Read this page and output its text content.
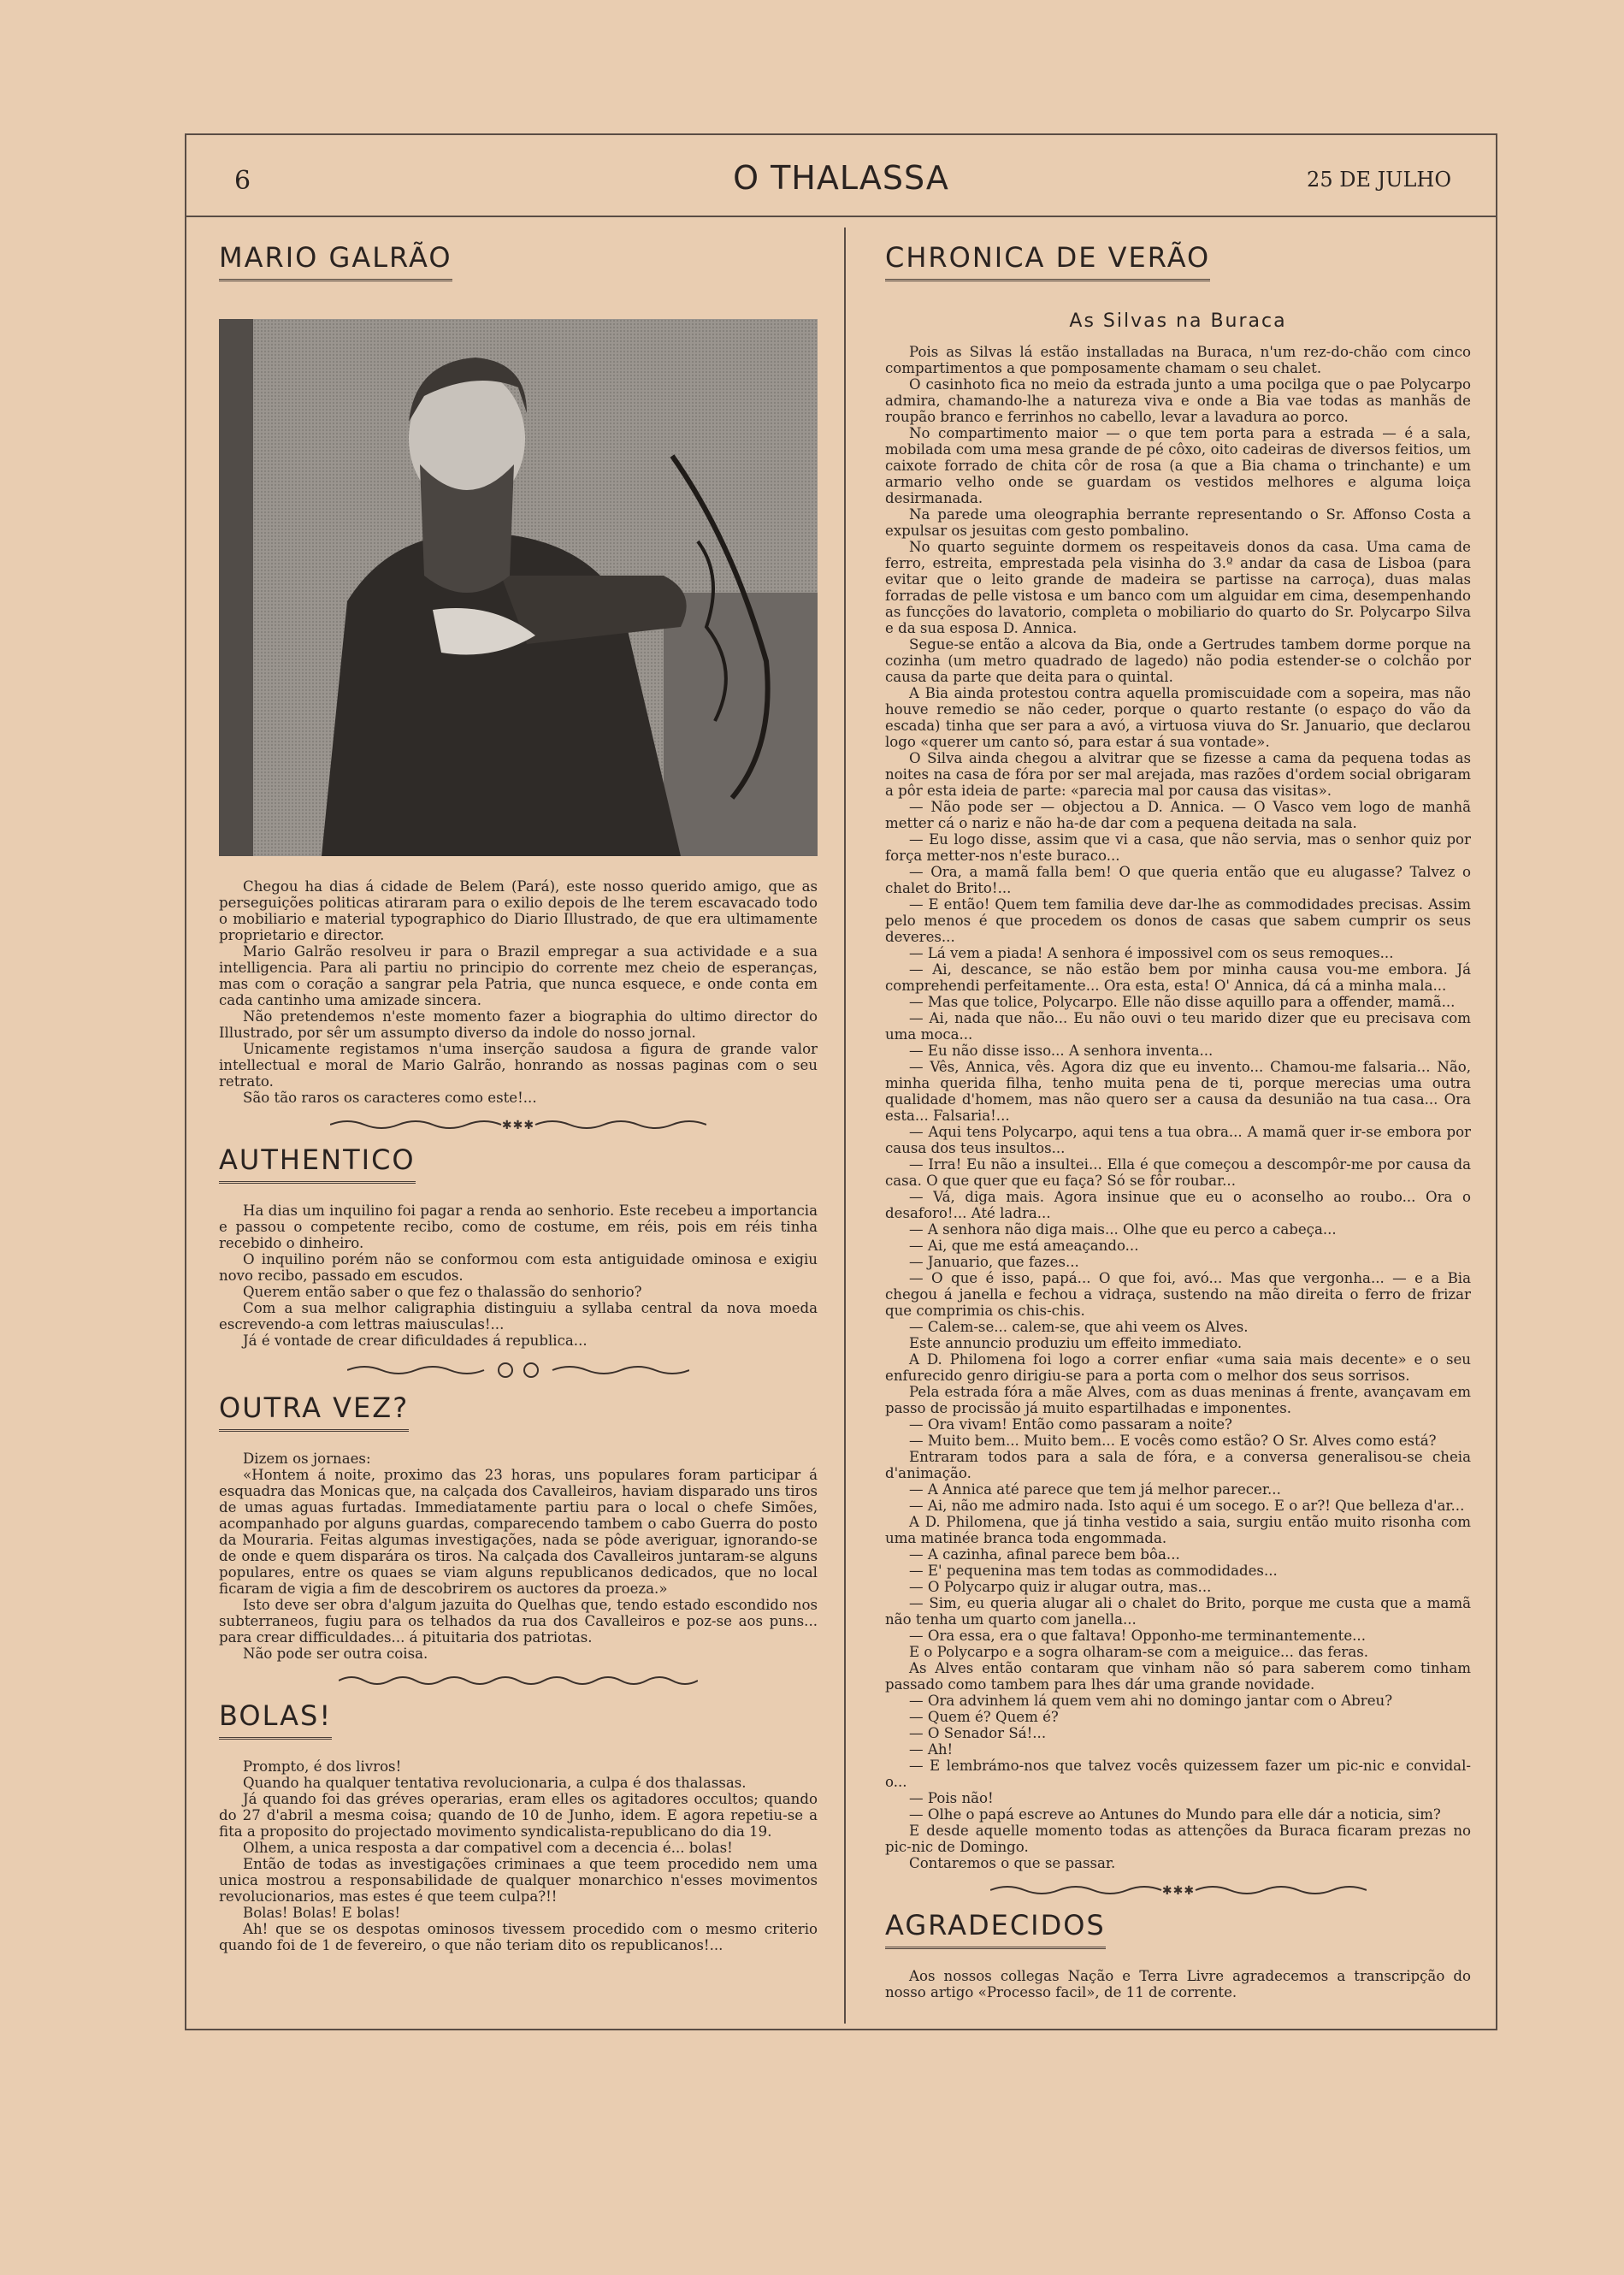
6	O THALASSA	25 DE JULHO
MARIO GALRÃO

Chegou ha dias á cidade de Belem (Pará), este nosso querido amigo, que as perseguições politicas atiraram para o exilio depois de lhe terem escavacado todo o mobiliario e material typographico do Diario Illustrado, de que era ultimamente proprietario e director.

Mario Galrão resolveu ir para o Brazil empregar a sua actividade e a sua intelligencia. Para ali partiu no principio do corrente mez cheio de esperanças, mas com o coração a sangrar pela Patria, que nunca esquece, e onde conta em cada cantinho uma amizade sincera.

Não pretendemos n'este momento fazer a biographia do ultimo director do Illustrado, por sêr um assumpto diverso da indole do nosso jornal.

Unicamente registamos n'uma inserção saudosa a figura de grande valor intellectual e moral de Mario Galrão, honrando as nossas paginas com o seu retrato.

São tão raros os caracteres como este!...

✱✱✱
AUTHENTICO

Ha dias um inquilino foi pagar a renda ao senhorio. Este recebeu a importancia e passou o competente recibo, como de costume, em réis, pois em réis tinha recebido o dinheiro.

O inquilino porém não se conformou com esta antiguidade ominosa e exigiu novo recibo, passado em escudos.

Querem então saber o que fez o thalassão do senhorio?

Com a sua melhor caligraphia distinguiu a syllaba central da nova moeda escrevendo-a com lettras maiusculas!...

Já é vontade de crear dificuldades á republica...

OUTRA VEZ?

Dizem os jornaes:

«Hontem á noite, proximo das 23 horas, uns populares foram participar á esquadra das Monicas que, na calçada dos Cavalleiros, haviam disparado uns tiros de umas aguas furtadas. Immediatamente partiu para o local o chefe Simões, acompanhado por alguns guardas, comparecendo tambem o cabo Guerra do posto da Mouraria. Feitas algumas investigações, nada se pôde averiguar, ignorando-se de onde e quem disparára os tiros. Na calçada dos Cavalleiros juntaram-se alguns populares, entre os quaes se viam alguns republicanos dedicados, que no local ficaram de vigia a fim de descobrirem os auctores da proeza.»

Isto deve ser obra d'algum jazuita do Quelhas que, tendo estado escondido nos subterraneos, fugiu para os telhados da rua dos Cavalleiros e poz-se aos puns... para crear difficuldades... á pituitaria dos patriotas.

Não pode ser outra coisa.

BOLAS!

Prompto, é dos livros!

Quando ha qualquer tentativa revolucionaria, a culpa é dos thalassas.

Já quando foi das gréves operarias, eram elles os agitadores occultos; quando do 27 d'abril a mesma coisa; quando de 10 de Junho, idem. E agora repetiu-se a fita a proposito do projectado movimento syndicalista-republicano do dia 19.

Olhem, a unica resposta a dar compativel com a decencia é... bolas!

Então de todas as investigações criminaes a que teem procedido nem uma unica mostrou a responsabilidade de qualquer monarchico n'esses movimentos revolucionarios, mas estes é que teem culpa?!!

Bolas! Bolas! E bolas!

Ah! que se os despotas ominosos tivessem procedido com o mesmo criterio quando foi de 1 de fevereiro, o que não teriam dito os republicanos!...

CHRONICA DE VERÃO
As Silvas na Buraca

Pois as Silvas lá estão installadas na Buraca, n'um rez-do-chão com cinco compartimentos a que pomposamente chamam o seu chalet.

O casinhoto fica no meio da estrada junto a uma pocilga que o pae Polycarpo admira, chamando-lhe a natureza viva e onde a Bia vae todas as manhãs de roupão branco e ferrinhos no cabello, levar a lavadura ao porco.

No compartimento maior — o que tem porta para a estrada — é a sala, mobilada com uma mesa grande de pé côxo, oito cadeiras de diversos feitios, um caixote forrado de chita côr de rosa (a que a Bia chama o trinchante) e um armario velho onde se guardam os vestidos melhores e alguma loiça desirmanada.

Na parede uma oleographia berrante representando o Sr. Affonso Costa a expulsar os jesuitas com gesto pombalino.

No quarto seguinte dormem os respeitaveis donos da casa. Uma cama de ferro, estreita, emprestada pela visinha do 3.º andar da casa de Lisboa (para evitar que o leito grande de madeira se partisse na carroça), duas malas forradas de pelle vistosa e um banco com um alguidar em cima, desempenhando as funcções do lavatorio, completa o mobiliario do quarto do Sr. Polycarpo Silva e da sua esposa D. Annica.

Segue-se então a alcova da Bia, onde a Gertrudes tambem dorme porque na cozinha (um metro quadrado de lagedo) não podia estender-se o colchão por causa da parte que deita para o quintal.

A Bia ainda protestou contra aquella promiscuidade com a sopeira, mas não houve remedio se não ceder, porque o quarto restante (o espaço do vão da escada) tinha que ser para a avó, a virtuosa viuva do Sr. Januario, que declarou logo «querer um canto só, para estar á sua vontade».

O Silva ainda chegou a alvitrar que se fizesse a cama da pequena todas as noites na casa de fóra por ser mal arejada, mas razões d'ordem social obrigaram a pôr esta ideia de parte: «parecia mal por causa das visitas».

— Não pode ser — objectou a D. Annica. — O Vasco vem logo de manhã metter cá o nariz e não ha-de dar com a pequena deitada na sala.

— Eu logo disse, assim que vi a casa, que não servia, mas o senhor quiz por força metter-nos n'este buraco...

— Ora, a mamã falla bem! O que queria então que eu alugasse? Talvez o chalet do Brito!...

— E então! Quem tem familia deve dar-lhe as commodidades precisas. Assim pelo menos é que procedem os donos de casas que sabem cumprir os seus deveres...

— Lá vem a piada! A senhora é impossivel com os seus remoques...

— Ai, descance, se não estão bem por minha causa vou-me embora. Já comprehendi perfeitamente... Ora esta, esta! O' Annica, dá cá a minha mala...

— Mas que tolice, Polycarpo. Elle não disse aquillo para a offender, mamã...

— Ai, nada que não... Eu não ouvi o teu marido dizer que eu precisava com uma moca...

— Eu não disse isso... A senhora inventa...

— Vês, Annica, vês. Agora diz que eu invento... Chamou-me falsaria... Não, minha querida filha, tenho muita pena de ti, porque merecias uma outra qualidade d'homem, mas não quero ser a causa da desunião na tua casa... Ora esta... Falsaria!...

— Aqui tens Polycarpo, aqui tens a tua obra... A mamã quer ir-se embora por causa dos teus insultos...

— Irra! Eu não a insultei... Ella é que começou a descompôr-me por causa da casa. O que quer que eu faça? Só se fôr roubar...

— Vá, diga mais. Agora insinue que eu o aconselho ao roubo... Ora o desaforo!... Até ladra...

— A senhora não diga mais... Olhe que eu perco a cabeça...

— Ai, que me está ameaçando...

— Januario, que fazes...

— O que é isso, papá... O que foi, avó... Mas que vergonha... — e a Bia chegou á janella e fechou a vidraça, sustendo na mão direita o ferro de frizar que comprimia os chis-chis.

— Calem-se... calem-se, que ahi veem os Alves.

Este annuncio produziu um effeito immediato.

A D. Philomena foi logo a correr enfiar «uma saia mais decente» e o seu enfurecido genro dirigiu-se para a porta com o melhor dos seus sorrisos.

Pela estrada fóra a mãe Alves, com as duas meninas á frente, avançavam em passo de procissão já muito espartilhadas e imponentes.

— Ora vivam! Então como passaram a noite?

— Muito bem... Muito bem... E vocês como estão? O Sr. Alves como está?

Entraram todos para a sala de fóra, e a conversa generalisou-se cheia d'animação.

— A Annica até parece que tem já melhor parecer...

— Ai, não me admiro nada. Isto aqui é um socego. E o ar?! Que belleza d'ar...

A D. Philomena, que já tinha vestido a saia, surgiu então muito risonha com uma matinée branca toda engommada.

— A cazinha, afinal parece bem bôa...

— E' pequenina mas tem todas as commodidades...

— O Polycarpo quiz ir alugar outra, mas...

— Sim, eu queria alugar ali o chalet do Brito, porque me custa que a mamã não tenha um quarto com janella...

— Ora essa, era o que faltava! Opponho-me terminantemente...

E o Polycarpo e a sogra olharam-se com a meiguice... das feras.

As Alves então contaram que vinham não só para saberem como tinham passado como tambem para lhes dár uma grande novidade.

— Ora advinhem lá quem vem ahi no domingo jantar com o Abreu?

— Quem é? Quem é?

— O Senador Sá!...

— Ah!

— E lembrámo-nos que talvez vocês quizessem fazer um pic-nic e convidal-o...

— Pois não!

— Olhe o papá escreve ao Antunes do Mundo para elle dár a noticia, sim?

E desde aquelle momento todas as attenções da Buraca ficaram prezas no pic-nic de Domingo.

Contaremos o que se passar.

✱✱✱
AGRADECIDOS

Aos nossos collegas Nação e Terra Livre agradecemos a transcripção do nosso artigo «Processo facil», de 11 de corrente.
